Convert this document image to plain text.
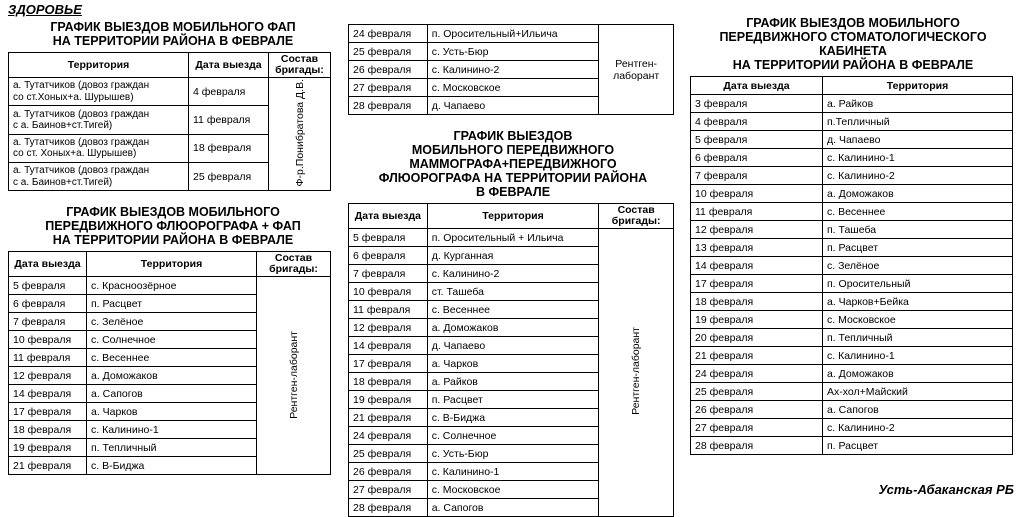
ЗДОРОВЬЕ
ГРАФИК ВЫЕЗДОВ МОБИЛЬНОГО ФАП
НА ТЕРРИТОРИИ РАЙОНА В ФЕВРАЛЕ
Территория	Дата выезда	Состав бригады:

а. Тутатчиков (довоз граждан
со ст.Хоных+а. Шурышев)	4 февраля	Ф-р.Понибратова Д.В.

а. Тутатчиков (довоз граждан
с а. Баинов+ст.Тигей)	11 февраля	

а. Тутатчиков (довоз граждан
со ст. Хоных+а. Шурышев)	18 февраля	

а. Тутатчиков (довоз граждан
с а. Баинов+ст.Тигей)	25 февраля	
ГРАФИК ВЫЕЗДОВ МОБИЛЬНОГО
ПЕРЕДВИЖНОГО ФЛЮОРОГРАФА + ФАП
НА ТЕРРИТОРИИ РАЙОНА В ФЕВРАЛЕ
Дата выезда	Территория	Состав бригады:
5 февраля	с. Красноозёрное	Рентген-лаборант
6 февраля	п. Расцвет	
7 февраля	с. Зелёное	
10 февраля	с. Солнечное	
11 февраля	с. Весеннее	
12 февраля	а. Доможаков	
14 февраля	а. Сапогов	
17 февраля	а. Чарков	
18 февраля	с. Калинино-1	
19 февраля	п. Тепличный	
21 февраля	с. В-Биджа	
24 февраля	п. Оросительный+Ильича	Рентген-лаборант
25 февраля	с. Усть-Бюр	
26 февраля	с. Калинино-2	
27 февраля	с. Московское	
28 февраля	д. Чапаево	
ГРАФИК ВЫЕЗДОВ
МОБИЛЬНОГО ПЕРЕДВИЖНОГО
МАММОГРАФА+ПЕРЕДВИЖНОГО
ФЛЮОРОГРАФА НА ТЕРРИТОРИИ РАЙОНА
В ФЕВРАЛЕ
Дата выезда	Территория	Состав бригады:
5 февраля	п. Оросительный + Ильича	Рентген-лаборант
6 февраля	д. Курганная	
7 февраля	с. Калинино-2	
10 февраля	ст. Ташеба	
11 февраля	с. Весеннее	
12 февраля	а. Доможаков	
14 февраля	д. Чапаево	
17 февраля	а. Чарков	
18 февраля	а. Райков	
19 февраля	п. Расцвет	
21 февраля	с. В-Биджа	
24 февраля	с. Солнечное	
25 февраля	с. Усть-Бюр	
26 февраля	с. Калинино-1	
27 февраля	с. Московское	
28 февраля	а. Сапогов	
ГРАФИК ВЫЕЗДОВ МОБИЛЬНОГО
ПЕРЕДВИЖНОГО СТОМАТОЛОГИЧЕСКОГО
КАБИНЕТА
НА ТЕРРИТОРИИ РАЙОНА В ФЕВРАЛЕ
Дата выезда	Территория
3 февраля	а. Райков
4 февраля	п.Тепличный
5 февраля	д. Чапаево
6 февраля	с. Калинино-1
7 февраля	с. Калинино-2
10 февраля	а. Доможаков
11 февраля	с. Весеннее
12 февраля	п. Ташеба
13 февраля	п. Расцвет
14 февраля	с. Зелёное
17 февраля	п. Оросительный
18 февраля	а. Чарков+Бейка
19 февраля	с. Московское
20 февраля	п. Тепличный
21 февраля	с. Калинино-1
24 февраля	а. Доможаков
25 февраля	Ах-хол+Майский
26 февраля	а. Сапогов
27 февраля	с. Калинино-2
28 февраля	п. Расцвет
Усть-Абаканская РБ
